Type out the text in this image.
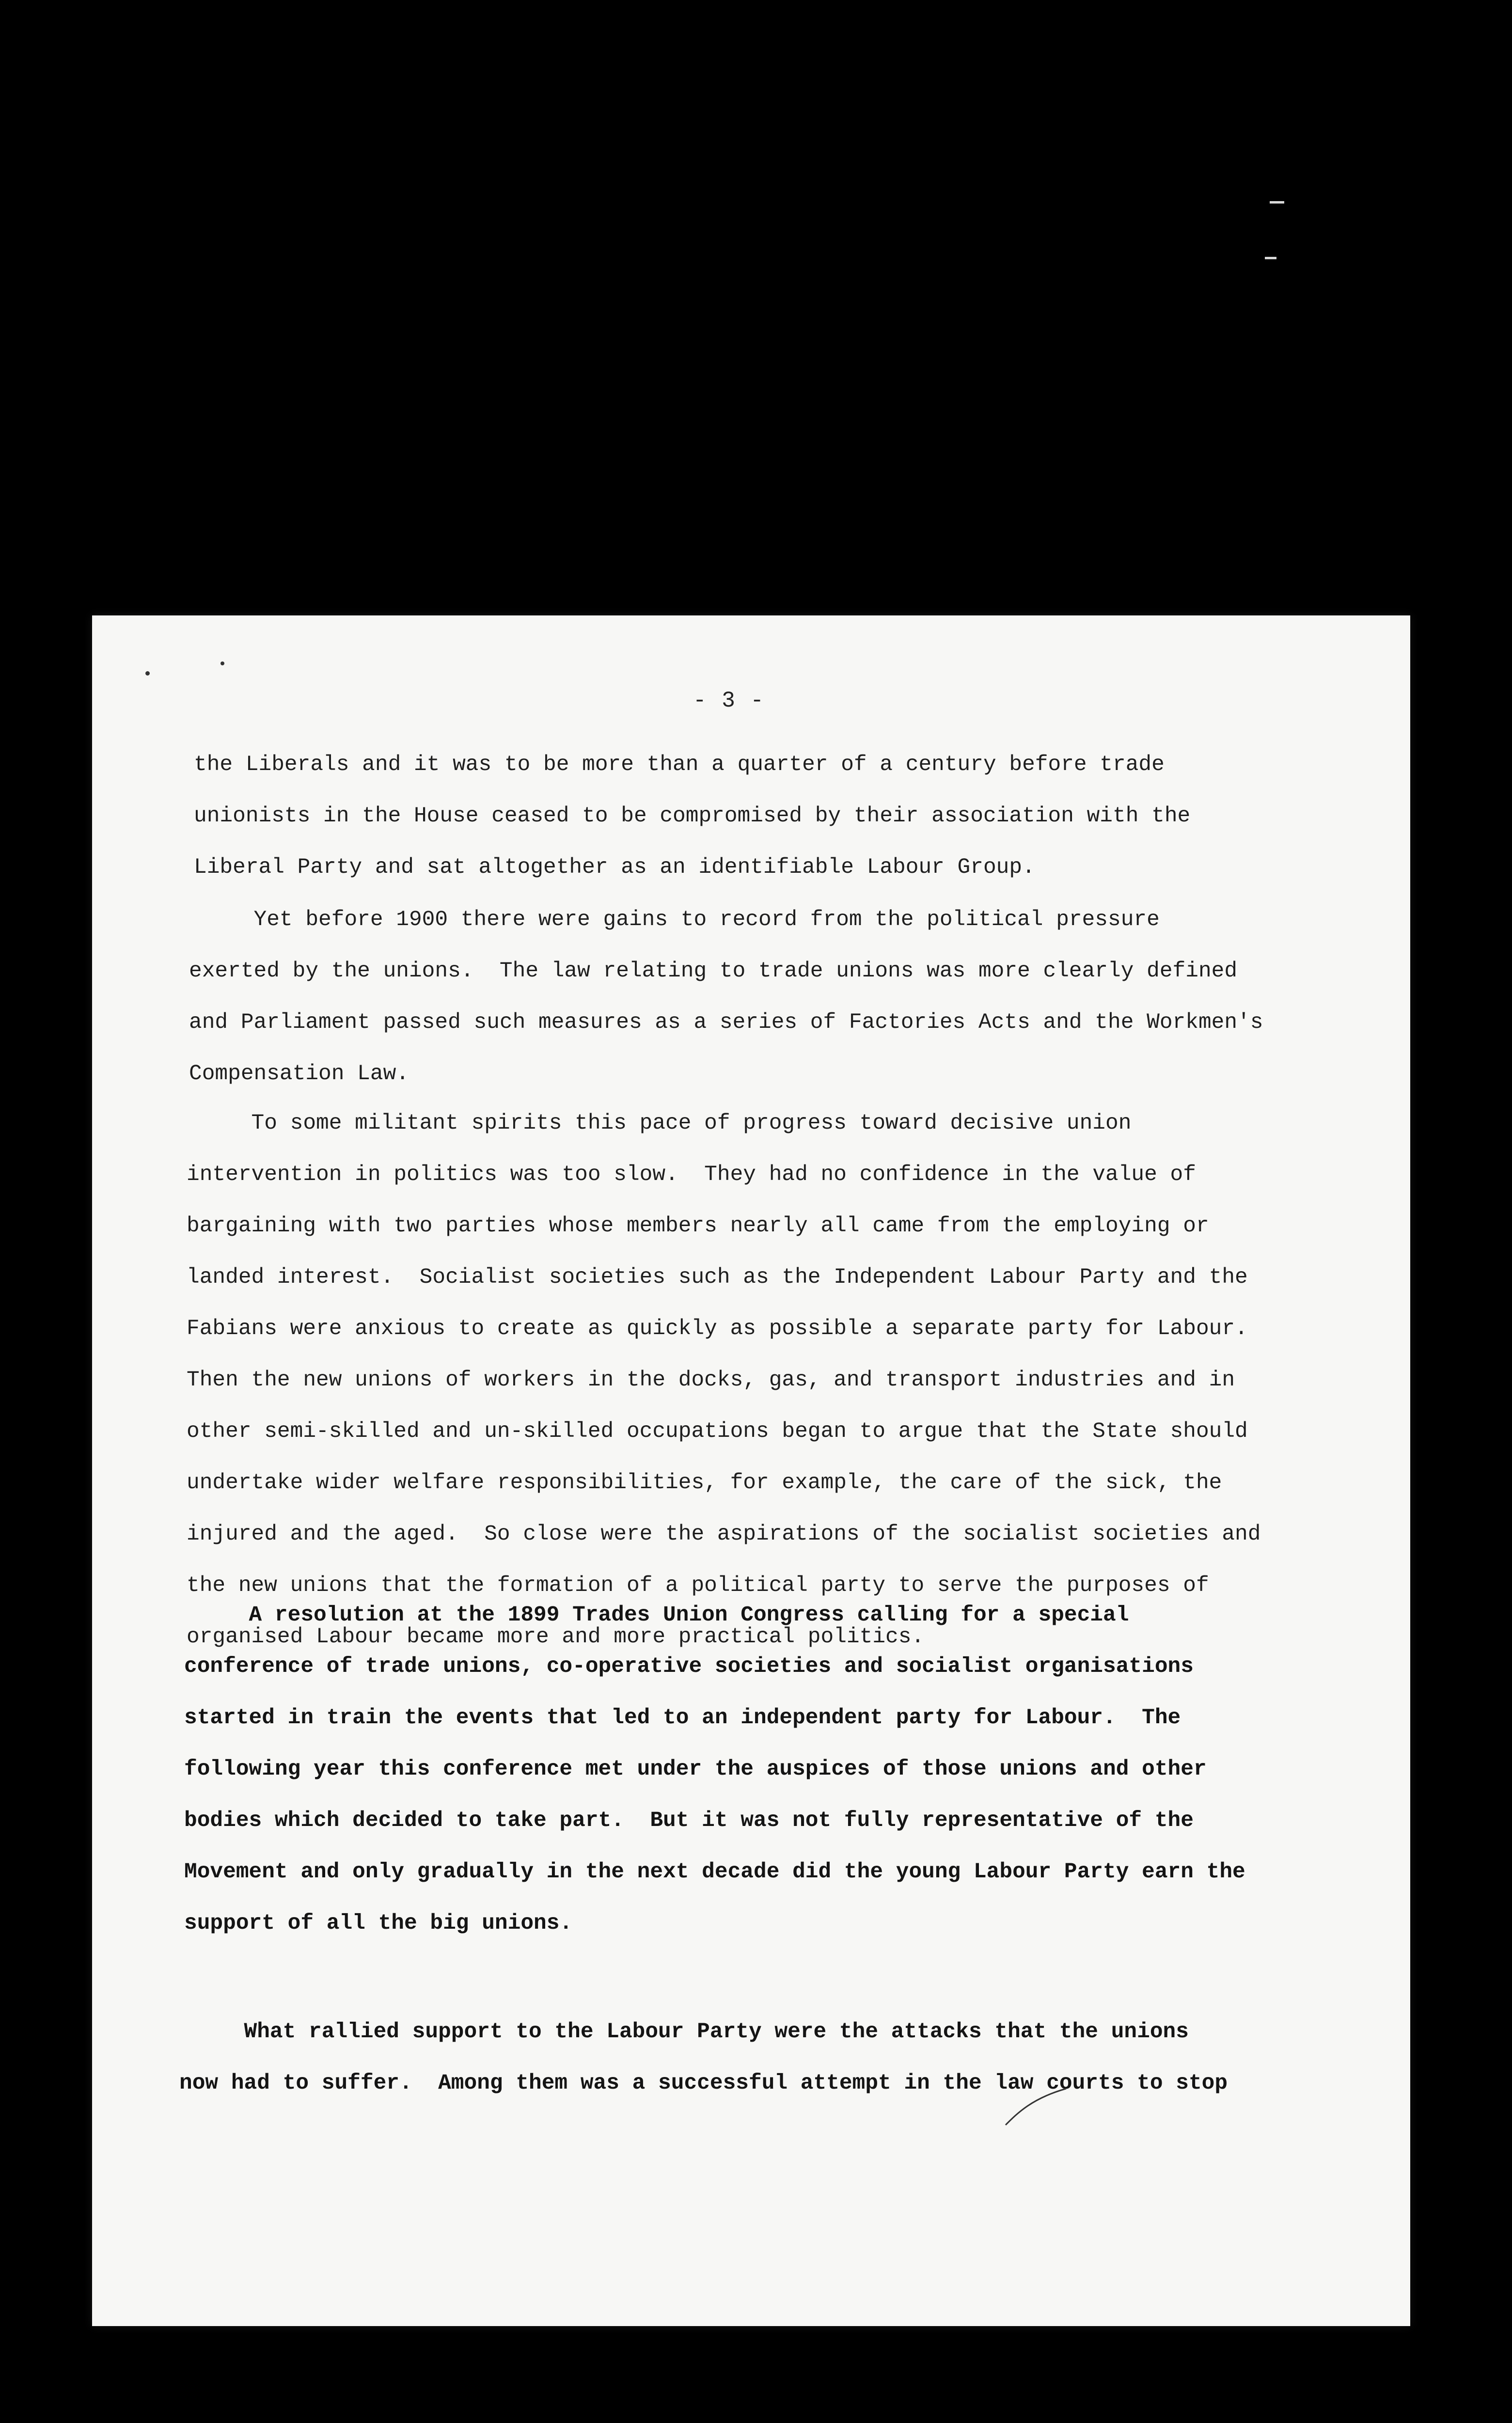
- 3 -
the Liberals and it was to be more than a quarter of a century before trade
unionists in the House ceased to be compromised by their association with the
Liberal Party and sat altogether as an identifiable Labour Group.
Yet before 1900 there were gains to record from the political pressure
exerted by the unions.  The law relating to trade unions was more clearly defined
and Parliament passed such measures as a series of Factories Acts and the Workmen's
Compensation Law.
To some militant spirits this pace of progress toward decisive union
intervention in politics was too slow.  They had no confidence in the value of
bargaining with two parties whose members nearly all came from the employing or
landed interest.  Socialist societies such as the Independent Labour Party and the
Fabians were anxious to create as quickly as possible a separate party for Labour.
Then the new unions of workers in the docks, gas, and transport industries and in
other semi-skilled and un-skilled occupations began to argue that the State should
undertake wider welfare responsibilities, for example, the care of the sick, the
injured and the aged.  So close were the aspirations of the socialist societies and
the new unions that the formation of a political party to serve the purposes of
organised Labour became more and more practical politics.
A resolution at the 1899 Trades Union Congress calling for a special
conference of trade unions, co-operative societies and socialist organisations
started in train the events that led to an independent party for Labour.  The
following year this conference met under the auspices of those unions and other
bodies which decided to take part.  But it was not fully representative of the
Movement and only gradually in the next decade did the young Labour Party earn the
support of all the big unions.
What rallied support to the Labour Party were the attacks that the unions
now had to suffer.  Among them was a successful attempt in the law courts to stop
